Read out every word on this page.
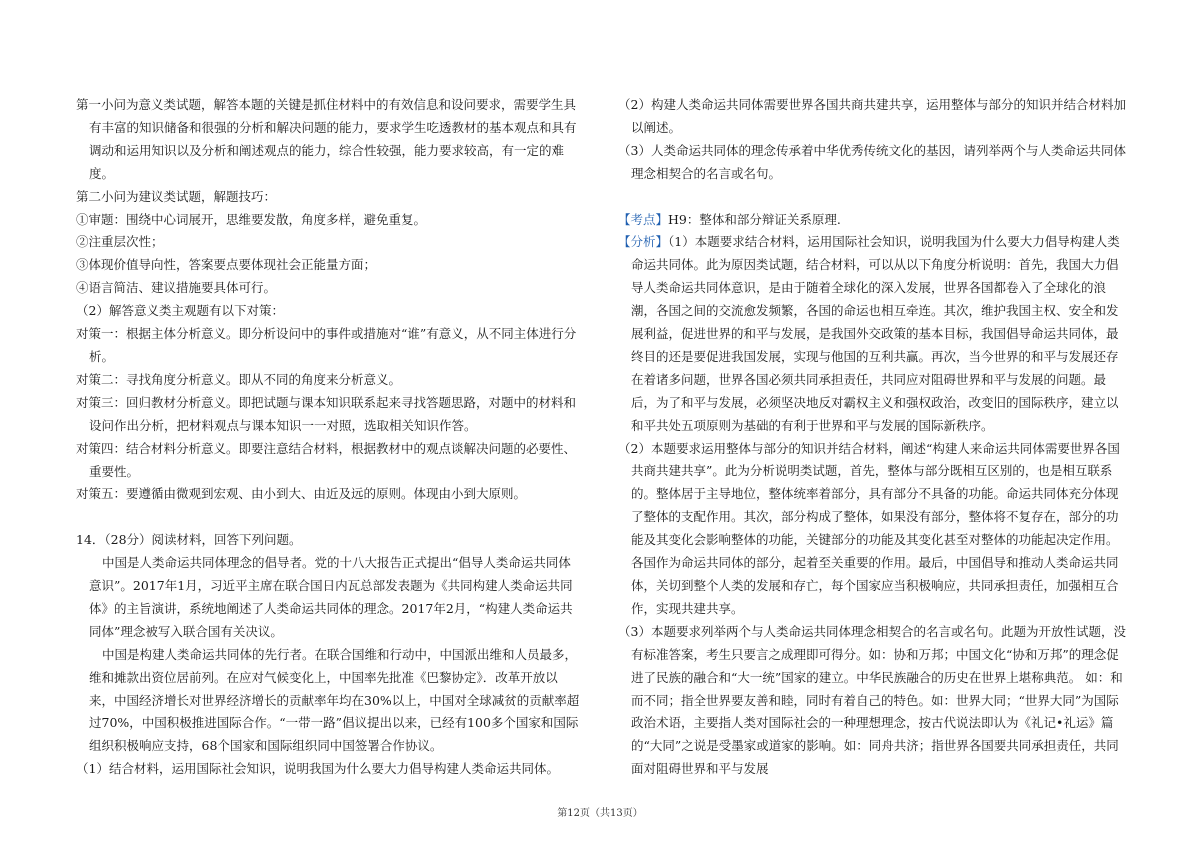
第一小问为意义类试题，解答本题的关键是抓住材料中的有效信息和设问要求，需要学生具有丰富的知识储备和很强的分析和解决问题的能力，要求学生吃透教材的基本观点和具有调动和运用知识以及分析和阐述观点的能力，综合性较强，能力要求较高，有一定的难度。

第二小问为建议类试题，解题技巧：

①审题：围绕中心词展开，思维要发散，角度多样，避免重复。

②注重层次性；

③体现价值导向性，答案要点要体现社会正能量方面；

④语言简洁、建议措施要具体可行。

（2）解答意义类主观题有以下对策：

对策一：根据主体分析意义。即分析设问中的事件或措施对“谁”有意义，从不同主体进行分析。

对策二：寻找角度分析意义。即从不同的角度来分析意义。

对策三：回归教材分析意义。即把试题与课本知识联系起来寻找答题思路，对题中的材料和设问作出分析，把材料观点与课本知识一一对照，选取相关知识作答。

对策四：结合材料分析意义。即要注意结合材料，根据教材中的观点谈解决问题的必要性、重要性。

对策五：要遵循由微观到宏观、由小到大、由近及远的原则。体现由小到大原则。

14．（28分）阅读材料，回答下列问题。

中国是人类命运共同体理念的倡导者。党的十八大报告正式提出“倡导人类命运共同体意识”。2017年1月，习近平主席在联合国日内瓦总部发表题为《共同构建人类命运共同体》的主旨演讲，系统地阐述了人类命运共同体的理念。2017年2月，“构建人类命运共同体”理念被写入联合国有关决议。

中国是构建人类命运共同体的先行者。在联合国维和行动中，中国派出维和人员最多，维和摊款出资位居前列。在应对气候变化上，中国率先批准《巴黎协定》．改革开放以来，中国经济增长对世界经济增长的贡献率年均在30%以上，中国对全球减贫的贡献率超过70%，中国积极推进国际合作。“一带一路”倡议提出以来，已经有100多个国家和国际组织积极响应支持，68个国家和国际组织同中国签署合作协议。

（1）结合材料，运用国际社会知识，说明我国为什么要大力倡导构建人类命运共同体。

（2）构建人类命运共同体需要世界各国共商共建共享，运用整体与部分的知识并结合材料加以阐述。

（3）人类命运共同体的理念传承着中华优秀传统文化的基因，请列举两个与人类命运共同体理念相契合的名言或名句。

【考点】H9：整体和部分辩证关系原理.

【分析】（1）本题要求结合材料，运用国际社会知识，说明我国为什么要大力倡导构建人类命运共同体。此为原因类试题，结合材料，可以从以下角度分析说明：首先，我国大力倡导人类命运共同体意识，是由于随着全球化的深入发展，世界各国都卷入了全球化的浪潮，各国之间的交流愈发频繁，各国的命运也相互牵连。其次，维护我国主权、安全和发展利益，促进世界的和平与发展，是我国外交政策的基本目标，我国倡导命运共同体，最终目的还是要促进我国发展，实现与他国的互利共赢。再次，当今世界的和平与发展还存在着诸多问题，世界各国必须共同承担责任，共同应对阻碍世界和平与发展的问题。最后，为了和平与发展，必须坚决地反对霸权主义和强权政治，改变旧的国际秩序，建立以和平共处五项原则为基础的有利于世界和平与发展的国际新秩序。

（2）本题要求运用整体与部分的知识并结合材料，阐述“构建人来命运共同体需要世界各国共商共建共享”。此为分析说明类试题，首先，整体与部分既相互区别的，也是相互联系的。整体居于主导地位，整体统率着部分，具有部分不具备的功能。命运共同体充分体现了整体的支配作用。其次，部分构成了整体，如果没有部分，整体将不复存在，部分的功能及其变化会影响整体的功能，关键部分的功能及其变化甚至对整体的功能起决定作用。各国作为命运共同体的部分，起着至关重要的作用。最后，中国倡导和推动人类命运共同体，关切到整个人类的发展和存亡，每个国家应当积极响应，共同承担责任，加强相互合作，实现共建共享。

（3）本题要求列举两个与人类命运共同体理念相契合的名言或名句。此题为开放性试题，没有标准答案，考生只要言之成理即可得分。如：协和万邦；中国文化“协和万邦”的理念促进了民族的融合和“大一统”国家的建立。中华民族融合的历史在世界上堪称典范。 如：和而不同；指全世界要友善和睦，同时有着自己的特色。如：世界大同；“世界大同”为国际政治术语，主要指人类对国际社会的一种理想理念，按古代说法即认为《礼记•礼运》篇的“大同”之说是受墨家或道家的影响。如：同舟共济；指世界各国要共同承担责任，共同面对阻碍世界和平与发展

第12页（共13页）
